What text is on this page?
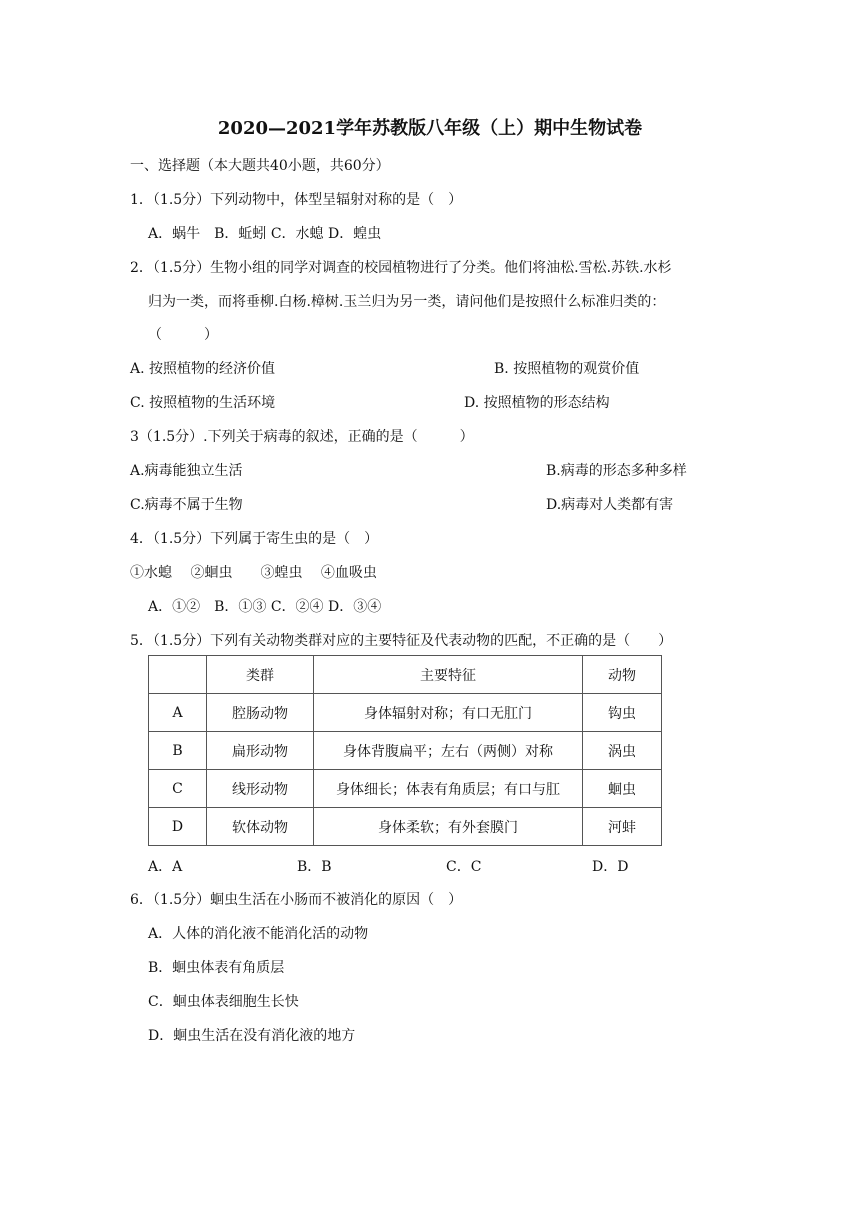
2020—2021学年苏教版八年级（上）期中生物试卷
一、选择题（本大题共40小题，共60分）
1．（1.5分）下列动物中，体型呈辐射对称的是（　）
A．蜗牛　B．蚯蚓 C．水螅 D．蝗虫
2．（1.5分）生物小组的同学对调查的校园植物进行了分类。他们将油松.雪松.苏铁.水杉
归为一类，而将垂柳.白杨.樟树.玉兰归为另一类，请问他们是按照什么标准归类的：
（　　　）
A. 按照植物的经济价值	B. 按照植物的观赏价值
C. 按照植物的生活环境	D. 按照植物的形态结构
3（1.5分）.下列关于病毒的叙述，正确的是（　　　）
A.病毒能独立生活	B.病毒的形态多种多样
C.病毒不属于生物	D.病毒对人类都有害
4．（1.5分）下列属于寄生虫的是（　）
①水螅　 ②蛔虫　　③蝗虫　 ④血吸虫
A．①②　B．①③ C．②④ D．③④
5．（1.5分）下列有关动物类群对应的主要特征及代表动物的匹配，不正确的是（　　）
	类群	主要特征	动物
A	腔肠动物	身体辐射对称；有口无肛门	钩虫
B	扁形动物	身体背腹扁平；左右（两侧）对称	涡虫
C	线形动物	身体细长；体表有角质层；有口与肛	蛔虫
D	软体动物	身体柔软；有外套膜门	河蚌
A．A	B．B	C．C	D．D
6．（1.5分）蛔虫生活在小肠而不被消化的原因（　）
A．人体的消化液不能消化活的动物
B．蛔虫体表有角质层
C．蛔虫体表细胞生长快
D．蛔虫生活在没有消化液的地方
